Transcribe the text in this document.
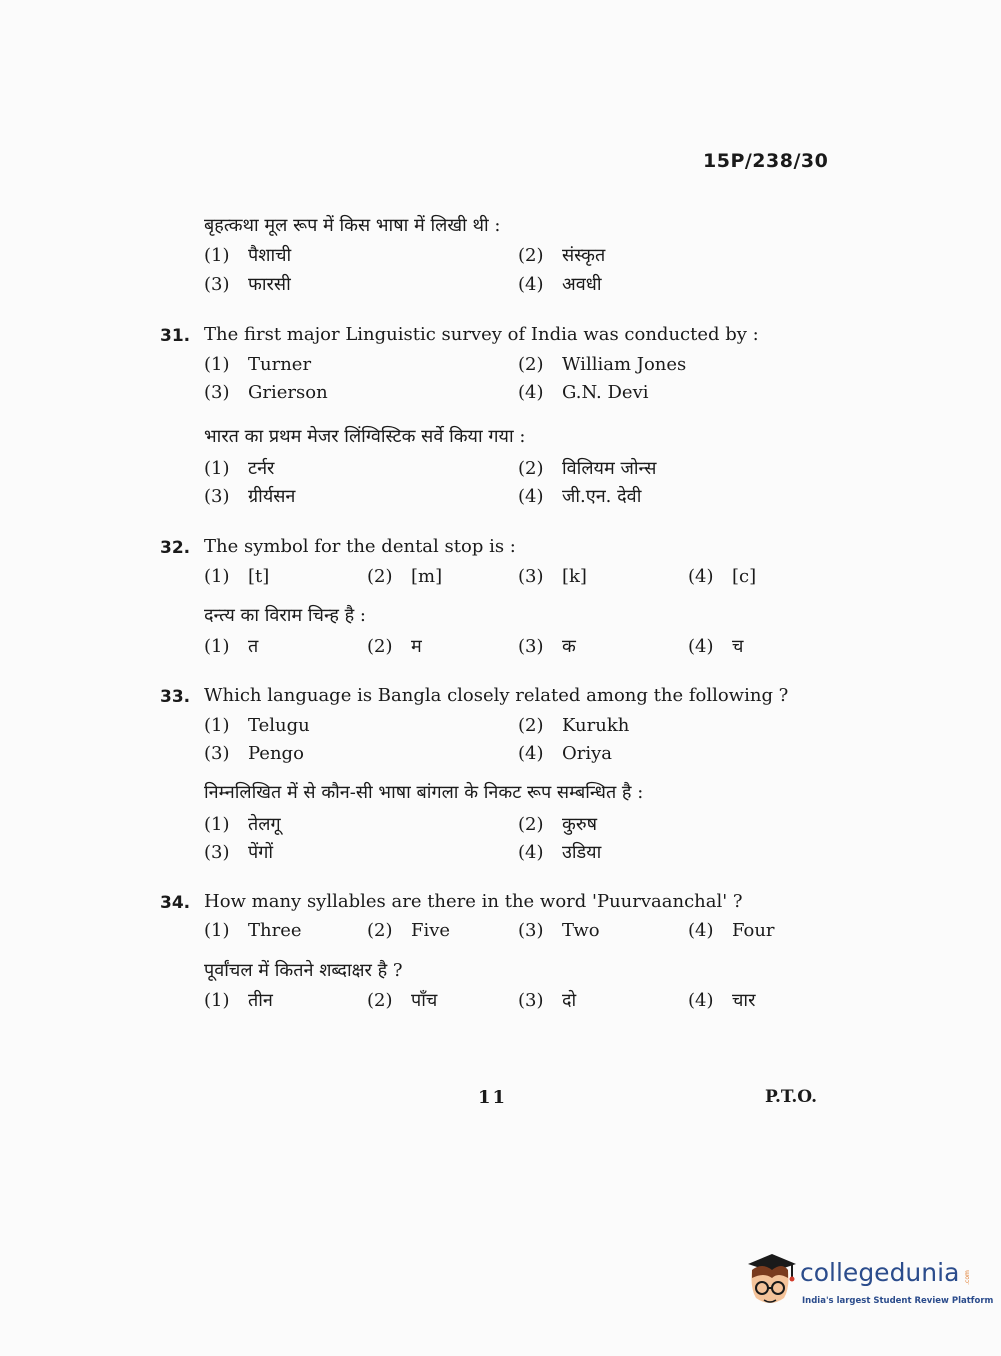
15P/238/30
बृहत्कथा मूल रूप में किस भाषा में लिखी थी :
(1) पैशाची	(2) संस्कृत
(3) फारसी	(4) अवधी
31. The first major Linguistic survey of India was conducted by :
(1) Turner	(2) William Jones
(3) Grierson	(4) G.N. Devi
भारत का प्रथम मेजर लिंग्विस्टिक सर्वे किया गया :
(1) टर्नर	(2) विलियम जोन्स
(3) ग्रीर्यसन	(4) जी.एन. देवी
32. The symbol for the dental stop is :
(1) [t]	(2) [m]	(3) [k]	(4) [c]
दन्त्य का विराम चिन्ह है :
(1) त	(2) म	(3) क	(4) च
33. Which language is Bangla closely related among the following ?
(1) Telugu	(2) Kurukh
(3) Pengo	(4) Oriya
निम्नलिखित में से कौन-सी भाषा बांगला के निकट रूप सम्बन्धित है :
(1) तेलगू	(2) कुरुष
(3) पेंगों	(4) उडिया
34. How many syllables are there in the word 'Puurvaanchal' ?
(1) Three	(2) Five	(3) Two	(4) Four
पूर्वांचल में कितने शब्दाक्षर है ?
(1) तीन	(2) पाँच	(3) दो	(4) चार
11	P.T.O.
collegedunia .com
India's largest Student Review Platform
